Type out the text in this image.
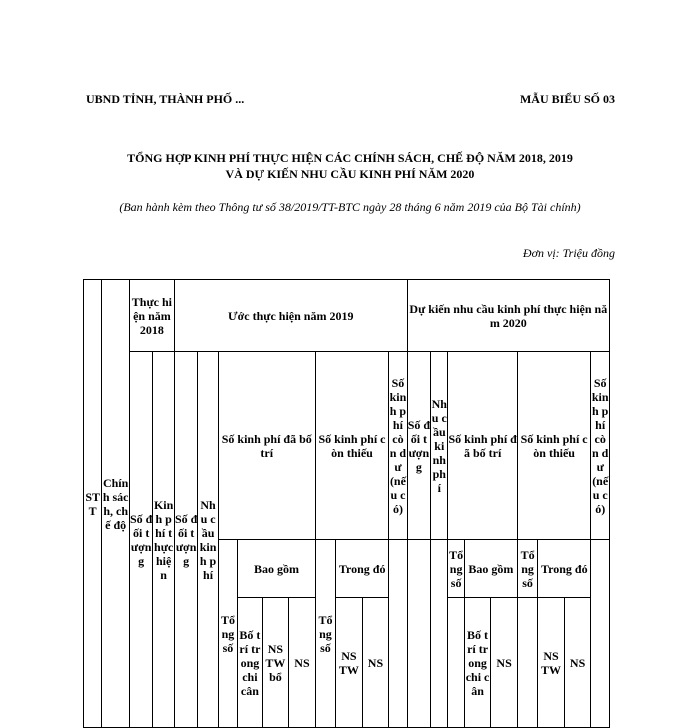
UBND TỈNH, THÀNH PHỐ ...	MẪU BIỂU SỐ 03
TỔNG HỢP KINH PHÍ THỰC HIỆN CÁC CHÍNH SÁCH, CHẾ ĐỘ NĂM 2018, 2019
VÀ DỰ KIẾN NHU CẦU KINH PHÍ NĂM 2020
(Ban hành kèm theo Thông tư số 38/2019/TT-BTC ngày 28 tháng 6 năm 2019 của Bộ Tài chính)
Đơn vị: Triệu đồng
STT	Chính sách, chế độ	Thực hiện năm 2018		Ước thực hiện năm 2019										Dự kiến nhu cầu kinh phí thực hiện năm 2020								
		Số đối tượng	Kinh phí thực hiện	Số đối tượng	Nhu cầu kinh phí	Số kinh phí đã bố trí				Số kinh phí còn thiếu			Số kinh phí còn dư (nếu có)	Số đối tượng	Nhu cầu kinh phí	Số kinh phí đã bố trí			Số kinh phí còn thiếu			Số kinh phí còn dư (nếu có)
						Tổng số	Bao gồm			Tổng số	Trong đó					Tổng số	Bao gồm		Tổng số	Trong đó		
							Bố trí trong chi cân	NS TW bổ	NS		NS TW	NS					Bố trí trong chi cân	NS		NS TW	NS	
